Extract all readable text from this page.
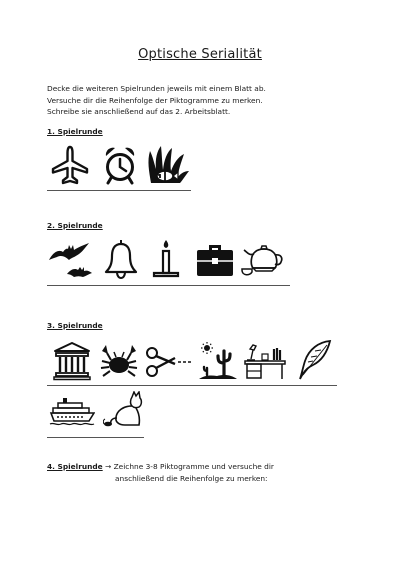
Optische Serialität
Decke die weiteren Spielrunden jeweils mit einem Blatt ab.
Versuche dir die Reihenfolge der Piktogramme zu merken.
Schreibe sie anschließend auf das 2. Arbeitsblatt.
1. Spielrunde
2. Spielrunde
3. Spielrunde
4. Spielrunde → Zeichne 3-8 Piktogramme und versuche dir
anschließend die Reihenfolge zu merken:
